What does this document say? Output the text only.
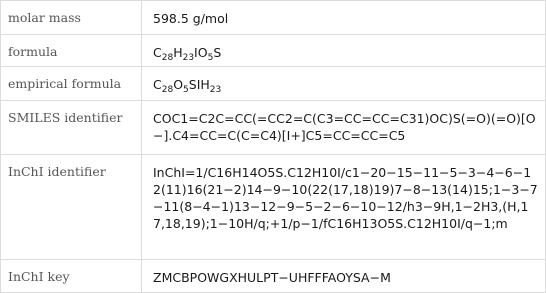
molar mass	598.5 g/mol
formula	$C_{28}H_{23}IO_5S$
empirical formula	$C_{28}O_5SIH_{23}$
SMILES identifier	COC1=C2C=CC(=CC2=C(C3=CC=CC=C31)OC)S(=O)(=O)[O−].C4=CC=C(C=C4)[I+]C5=CC=CC=C5
InChI identifier	InChI=1/C16H14O5S.C12H10I/c1−20−15−11−5−3−4−6−12(11)16(21−2)14−9−10(22(17,18)19)7−8−13(14)15;1−3−7−11(8−4−1)13−12−9−5−2−6−10−12/h3−9H,1−2H3,(H,17,18,19);1−10H/q;+1/p−1/fC16H13O5S.C12H10I/q−1;m
InChI key	ZMCBPOWGXHULPT−UHFFFAOYSA−M
